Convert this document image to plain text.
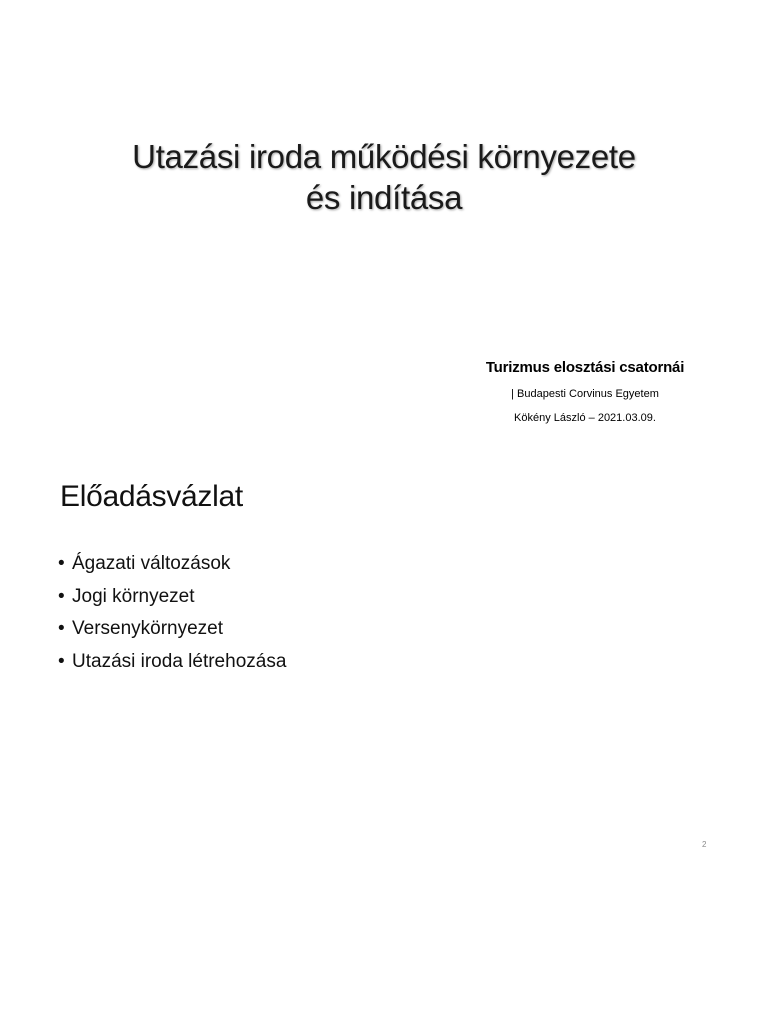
Utazási iroda működési környezete
és indítása
Turizmus elosztási csatornái
| Budapesti Corvinus Egyetem
Kökény László – 2021.03.09.
Előadásvázlat
• Ágazati változások
• Jogi környezet
• Versenykörnyezet
• Utazási iroda létrehozása
2
